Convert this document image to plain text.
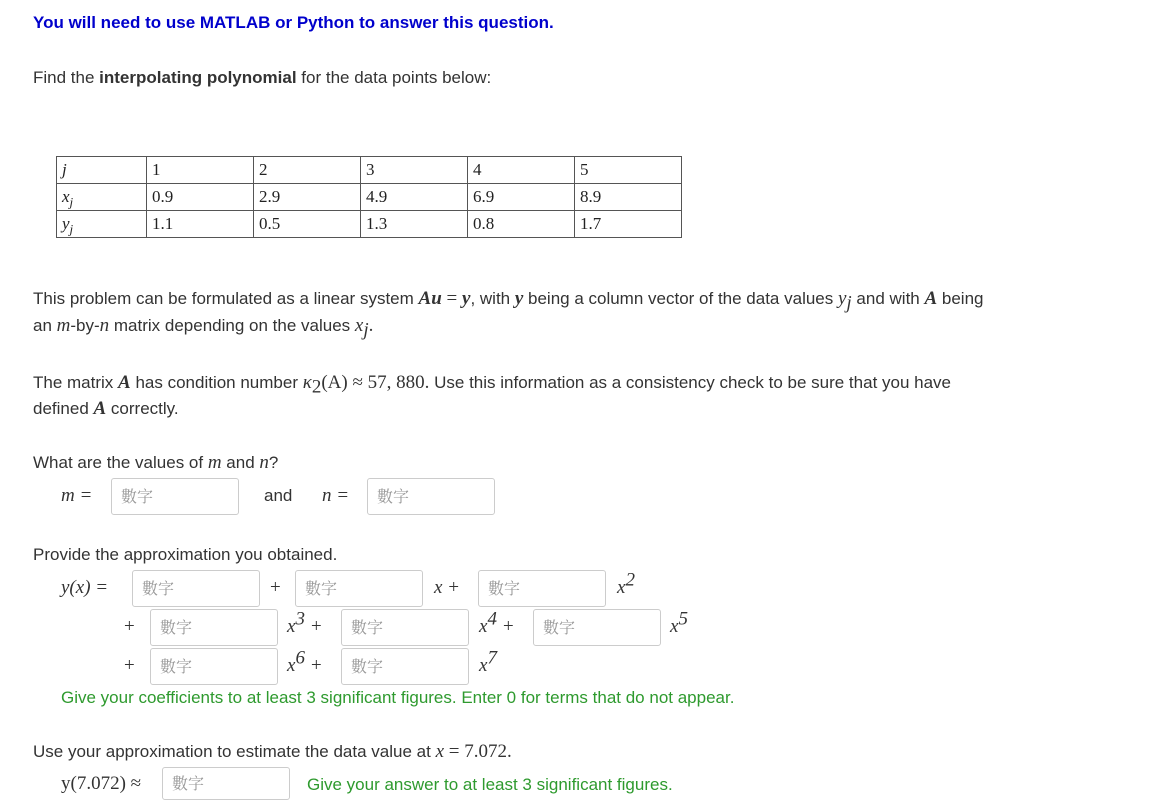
You will need to use MATLAB or Python to answer this question.
Find the interpolating polynomial for the data points below:
j	1	2	3	4	5
$x_j$	0.9	2.9	4.9	6.9	8.9
$y_j$	1.1	0.5	1.3	0.8	1.7
This problem can be formulated as a linear system Au = y, with y being a column vector of the data values $y_j$ and with A being
an m-by-n matrix depending on the values $x_j$.
The matrix A has condition number $\kappa_2(A) \approx 57$, 880. Use this information as a consistency check to be sure that you have
defined A correctly.
What are the values of m and n?
m =
數字	and n =
數字
Provide the approximation you obtained.
y(x) =
數字	+
數字	x +
數字	$x^2$
+
數字	$x^3$ +
數字	$x^4$ +
數字	$x^5$
+
數字	$x^6$ +
數字	$x^7$
Give your coefficients to at least 3 significant figures. Enter 0 for terms that do not appear.
Use your approximation to estimate the data value at x = 7.072.
y(7.072) ≈
數字	Give your answer to at least 3 significant figures.
